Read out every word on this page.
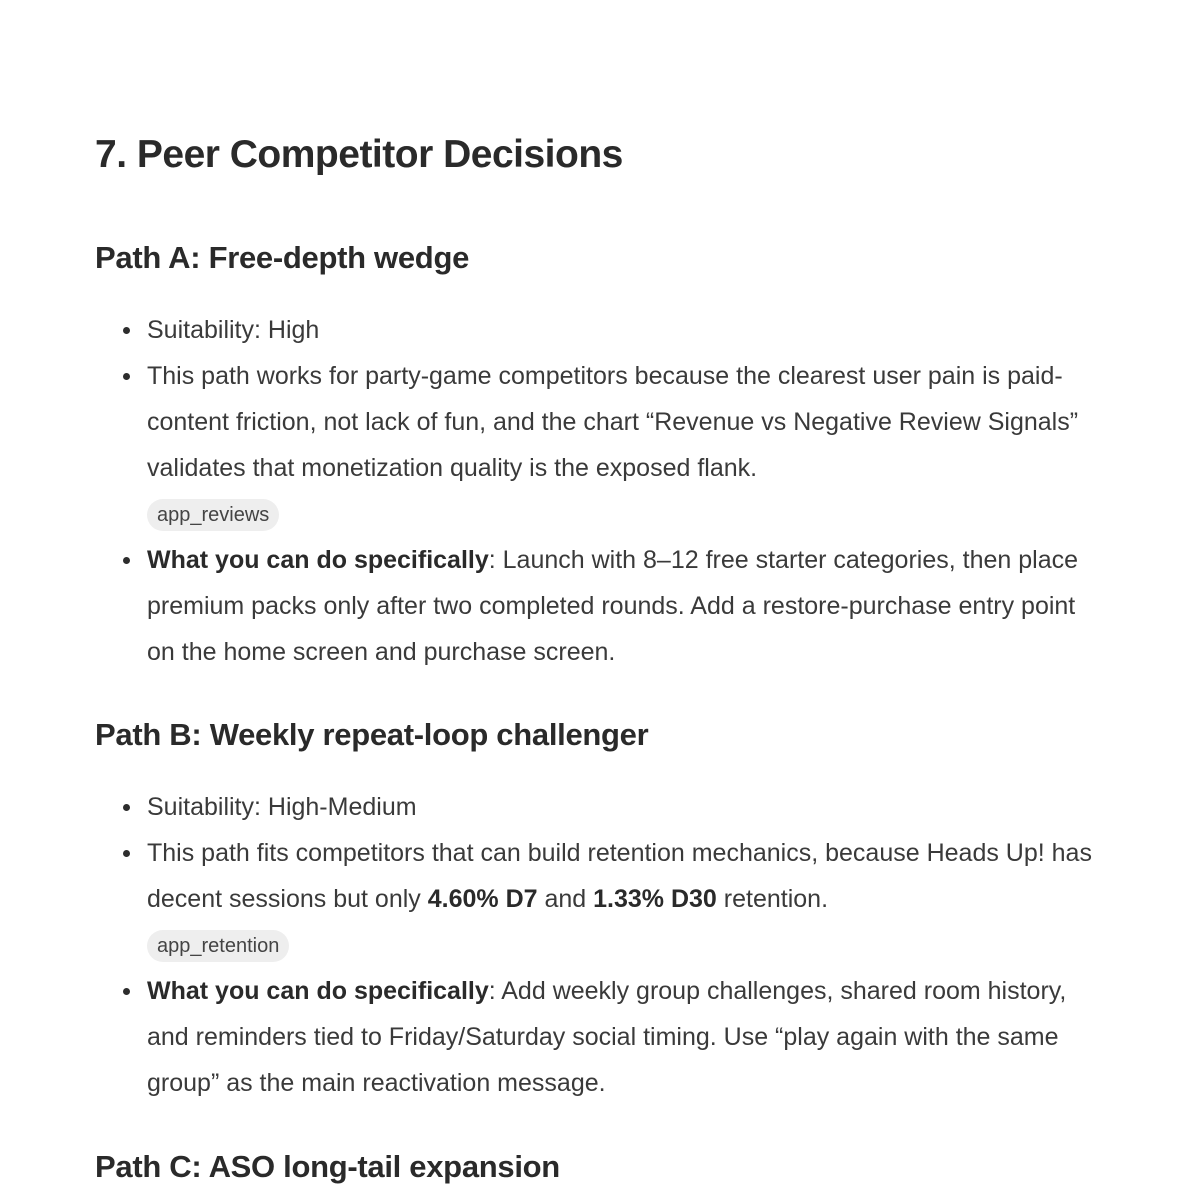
7. Peer Competitor Decisions
Path A: Free-depth wedge
Suitability: High
This path works for party-game competitors because the clearest user pain is paid-content friction, not lack of fun, and the chart “Revenue vs Negative Review Signals” validates that monetization quality is the exposed flank.
app_reviews
What you can do specifically: Launch with 8–12 free starter categories, then place premium packs only after two completed rounds. Add a restore-purchase entry point on the home screen and purchase screen.
Path B: Weekly repeat-loop challenger
Suitability: High-Medium
This path fits competitors that can build retention mechanics, because Heads Up! has decent sessions but only 4.60% D7 and 1.33% D30 retention.
app_retention
What you can do specifically: Add weekly group challenges, shared room history, and reminders tied to Friday/Saturday social timing. Use “play again with the same group” as the main reactivation message.
Path C: ASO long-tail expansion
